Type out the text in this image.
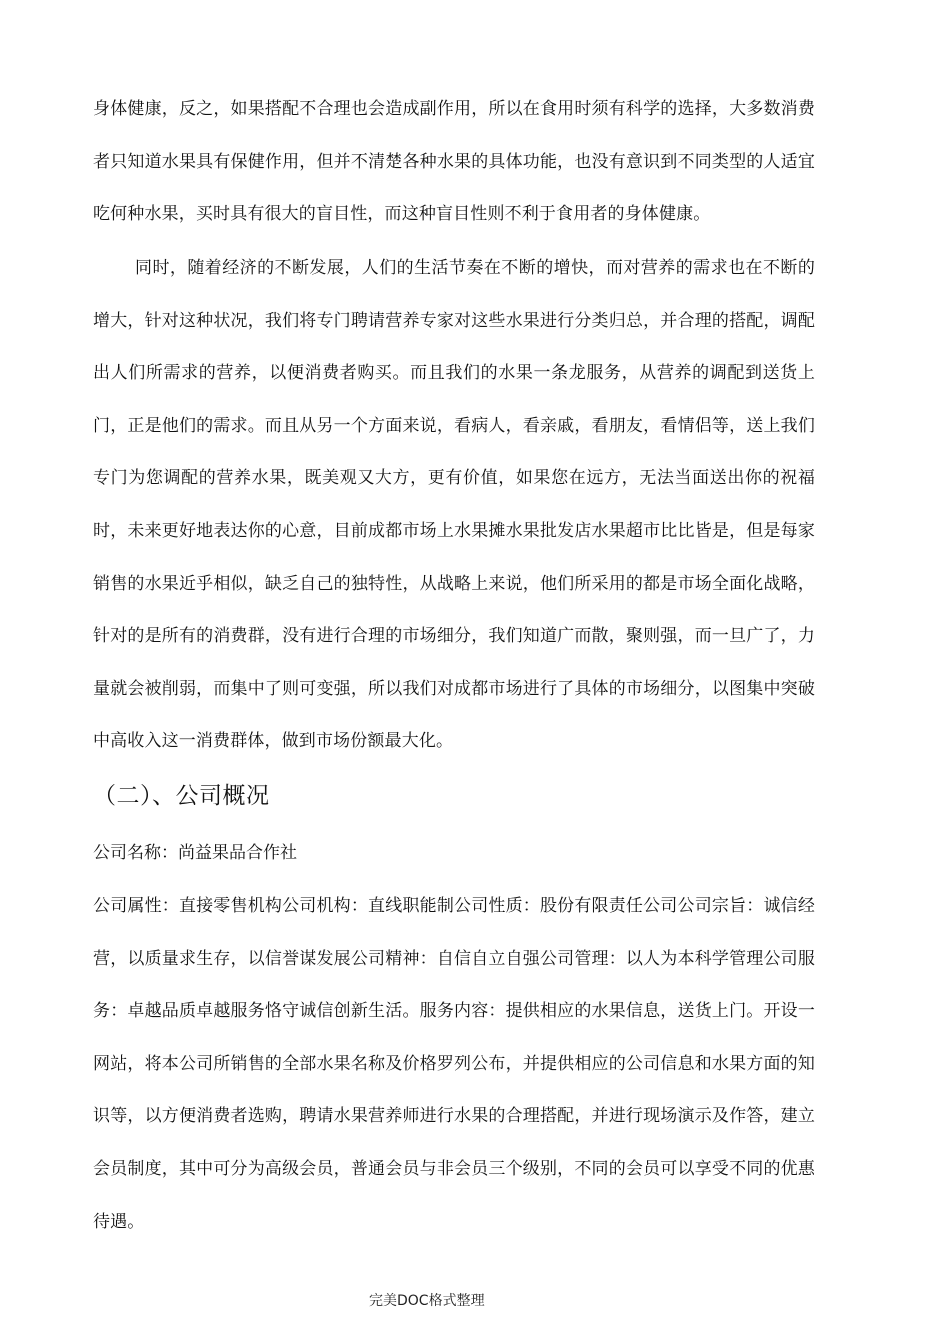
身体健康，反之，如果搭配不合理也会造成副作用，所以在食用时须有科学的选择，大多数消费者只知道水果具有保健作用，但并不清楚各种水果的具体功能，也没有意识到不同类型的人适宜吃何种水果，买时具有很大的盲目性，而这种盲目性则不利于食用者的身体健康。

同时，随着经济的不断发展，人们的生活节奏在不断的增快，而对营养的需求也在不断的增大，针对这种状况，我们将专门聘请营养专家对这些水果进行分类归总，并合理的搭配，调配出人们所需求的营养，以便消费者购买。而且我们的水果一条龙服务，从营养的调配到送货上门，正是他们的需求。而且从另一个方面来说，看病人，看亲戚，看朋友，看情侣等，送上我们专门为您调配的营养水果，既美观又大方，更有价值，如果您在远方，无法当面送出你的祝福时，未来更好地表达你的心意，目前成都市场上水果摊水果批发店水果超市比比皆是，但是每家销售的水果近乎相似，缺乏自己的独特性，从战略上来说，他们所采用的都是市场全面化战略，针对的是所有的消费群，没有进行合理的市场细分，我们知道广而散，聚则强，而一旦广了，力量就会被削弱，而集中了则可变强，所以我们对成都市场进行了具体的市场细分，以图集中突破中高收入这一消费群体，做到市场份额最大化。

（二）、公司概况

公司名称：尚益果品合作社

公司属性：直接零售机构公司机构：直线职能制公司性质：股份有限责任公司公司宗旨：诚信经营，以质量求生存，以信誉谋发展公司精神：自信自立自强公司管理：以人为本科学管理公司服务：卓越品质卓越服务恪守诚信创新生活。服务内容：提供相应的水果信息，送货上门。开设一网站，将本公司所销售的全部水果名称及价格罗列公布，并提供相应的公司信息和水果方面的知识等，以方便消费者选购，聘请水果营养师进行水果的合理搭配，并进行现场演示及作答，建立会员制度，其中可分为高级会员，普通会员与非会员三个级别，不同的会员可以享受不同的优惠待遇。

完美DOC格式整理
